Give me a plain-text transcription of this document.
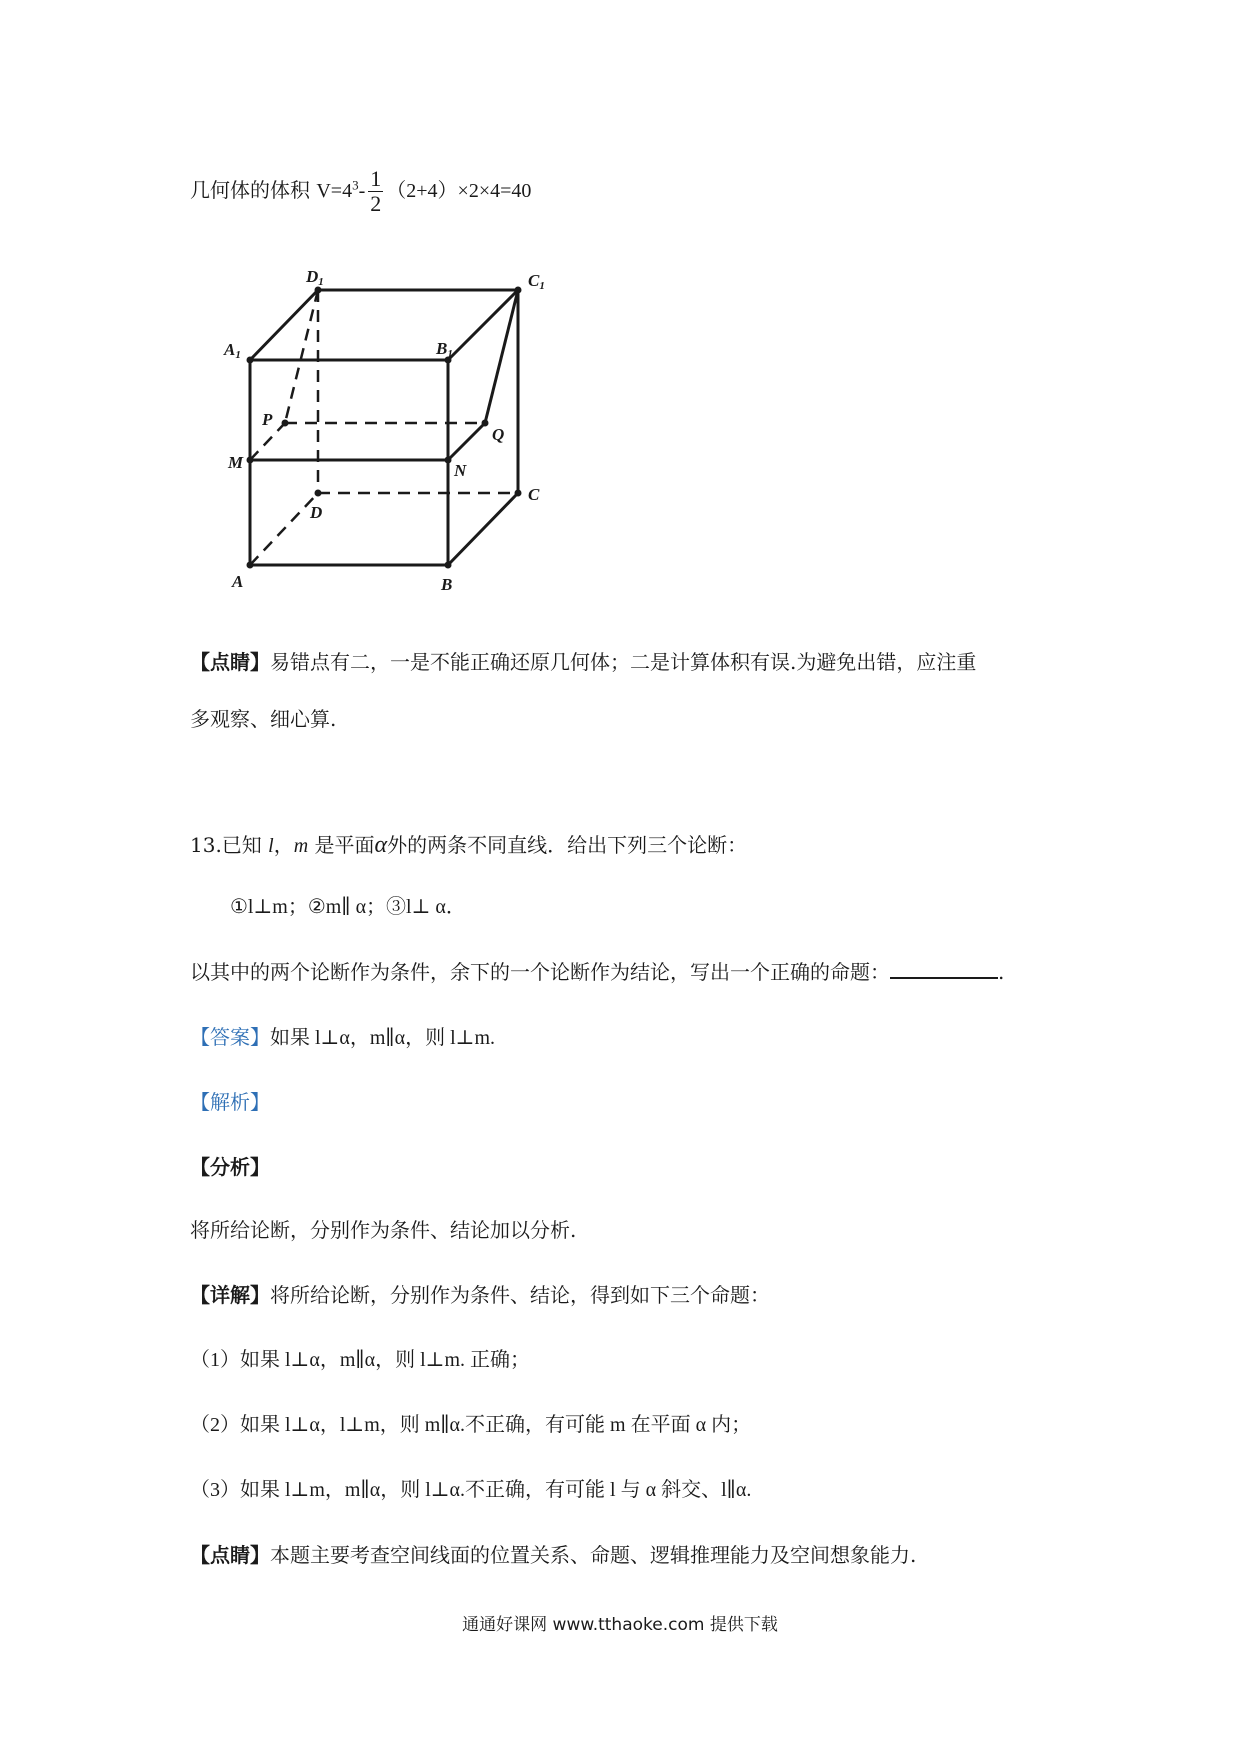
几何体的体积 $V=4^3- \frac{1}{2} (2+4)\times 2\times 4=40$
D1	C1
A1	B1
P
Q
M	N
D
C
A	B
【点睛】易错点有二，一是不能正确还原几何体；二是计算体积有误.为避免出错，应注重
多观察、细心算.
13.已知 l，m 是平面α外的两条不同直线．给出下列三个论断：
①l⊥m；②m∥ α；③l⊥ α．
以其中的两个论断作为条件，余下的一个论断作为结论，写出一个正确的命题：	.
【答案】如果 l⊥α，m∥α，则 l⊥m.
【解析】
【分析】
将所给论断，分别作为条件、结论加以分析.
【详解】将所给论断，分别作为条件、结论，得到如下三个命题：
（1）如果 l⊥α，m∥α，则 l⊥m. 正确；
（2）如果 l⊥α，l⊥m，则 m∥α.不正确，有可能 m 在平面 α 内；
（3）如果 l⊥m，m∥α，则 l⊥α.不正确，有可能 l 与 α 斜交、l∥α.
【点睛】本题主要考查空间线面的位置关系、命题、逻辑推理能力及空间想象能力.
通通好课网 www.tthaoke.com 提供下载
